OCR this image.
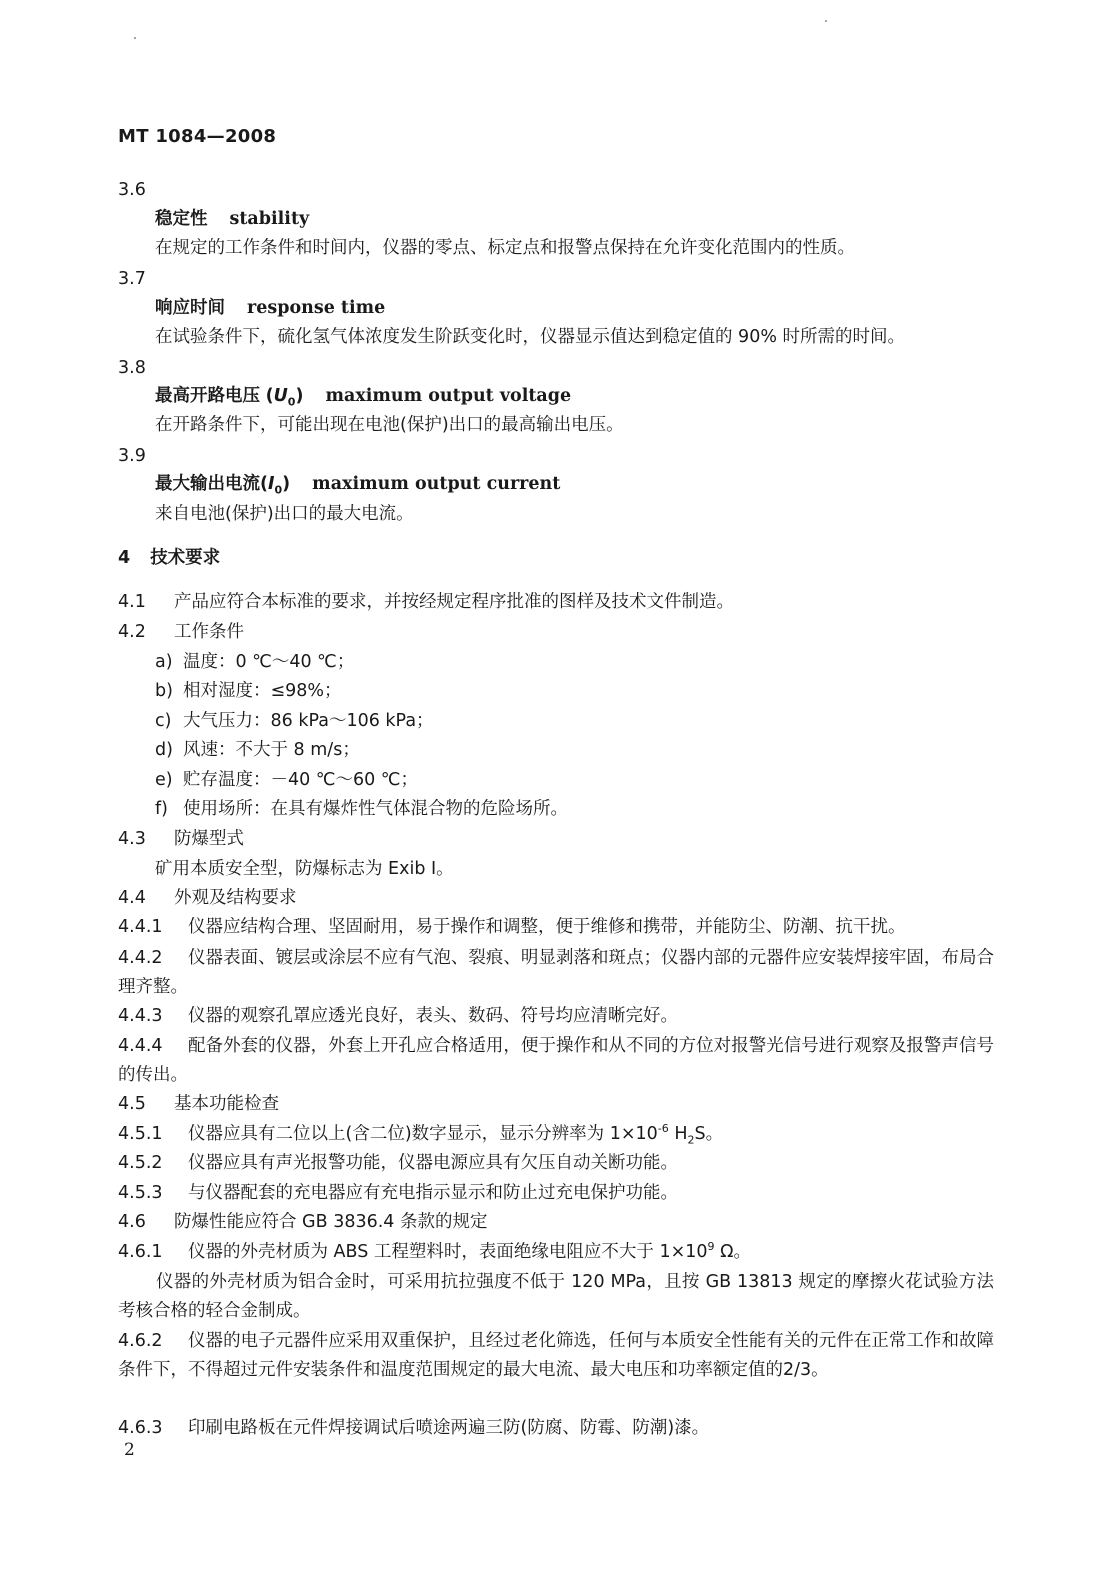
MT 1084—2008
3.6
稳定性 stability
在规定的工作条件和时间内，仪器的零点、标定点和报警点保持在允许变化范围内的性质。
3.7
响应时间 response time
在试验条件下，硫化氢气体浓度发生阶跃变化时，仪器显示值达到稳定值的 90% 时所需的时间。
3.8
最高开路电压 $(U_0)$ maximum output voltage
在开路条件下，可能出现在电池(保护)出口的最高输出电压。
3.9
最大输出电流$(I_0)$ maximum output current
来自电池(保护)出口的最大电流。
4 技术要求
4.1 产品应符合本标准的要求，并按经规定程序批准的图样及技术文件制造。
4.2 工作条件
a) 温度：0 ℃～40 ℃；
b) 相对湿度：≤98%；
c) 大气压力：86 kPa～106 kPa；
d) 风速：不大于 8 m/s；
e) 贮存温度：－40 ℃～60 ℃；
f) 使用场所：在具有爆炸性气体混合物的危险场所。
4.3 防爆型式
矿用本质安全型，防爆标志为 Exib Ⅰ。
4.4 外观及结构要求
4.4.1 仪器应结构合理、坚固耐用，易于操作和调整，便于维修和携带，并能防尘、防潮、抗干扰。
4.4.2 仪器表面、镀层或涂层不应有气泡、裂痕、明显剥落和斑点；仪器内部的元器件应安装焊接牢固，布局合理齐整。
4.4.3 仪器的观察孔罩应透光良好，表头、数码、符号均应清晰完好。
4.4.4 配备外套的仪器，外套上开孔应合格适用，便于操作和从不同的方位对报警光信号进行观察及报警声信号的传出。
4.5 基本功能检查
4.5.1 仪器应具有二位以上(含二位)数字显示，显示分辨率为 $1\times 10^{-6}$ $H_2S$。
4.5.2 仪器应具有声光报警功能，仪器电源应具有欠压自动关断功能。
4.5.3 与仪器配套的充电器应有充电指示显示和防止过充电保护功能。
4.6 防爆性能应符合 GB 3836.4 条款的规定
4.6.1 仪器的外壳材质为 ABS 工程塑料时，表面绝缘电阻应不大于 $1\times 10^9$ Ω。
仪器的外壳材质为铝合金时，可采用抗拉强度不低于 120 MPa，且按 GB 13813 规定的摩擦火花试验方法考核合格的轻合金制成。
4.6.2 仪器的电子元器件应采用双重保护，且经过老化筛选，任何与本质安全性能有关的元件在正常工作和故障条件下，不得超过元件安装条件和温度范围规定的最大电流、最大电压和功率额定值的2/3。
4.6.3 印刷电路板在元件焊接调试后喷途两遍三防(防腐、防霉、防潮)漆。
2
